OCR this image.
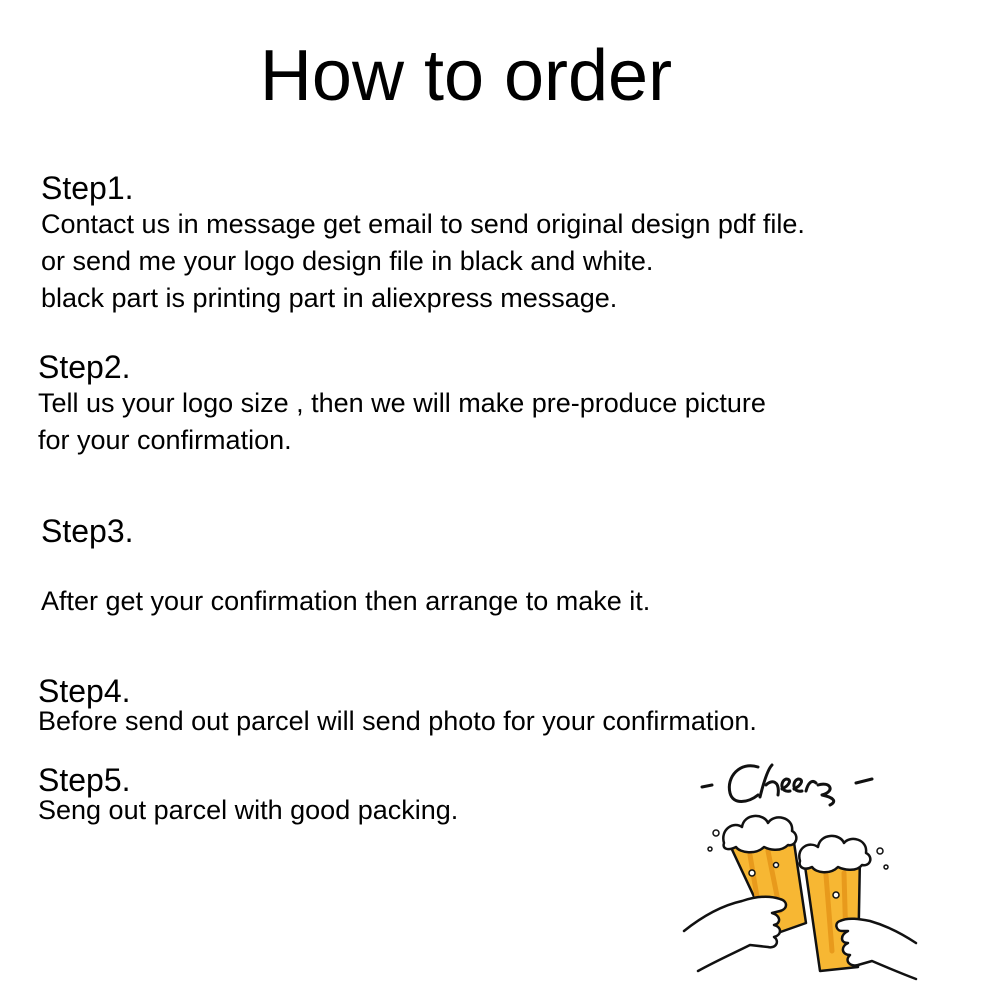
How to order
Step1.
Contact us in message get email to send original design pdf file.
or send me your logo design file in black and white.
black part is printing part in aliexpress message.
Step2.
Tell us your logo size , then we will make pre-produce picture
for your confirmation.
Step3.
After get your confirmation then arrange to make it.
Step4.
Before send out parcel will send photo for your confirmation.
Step5.
Seng out parcel with good packing.
